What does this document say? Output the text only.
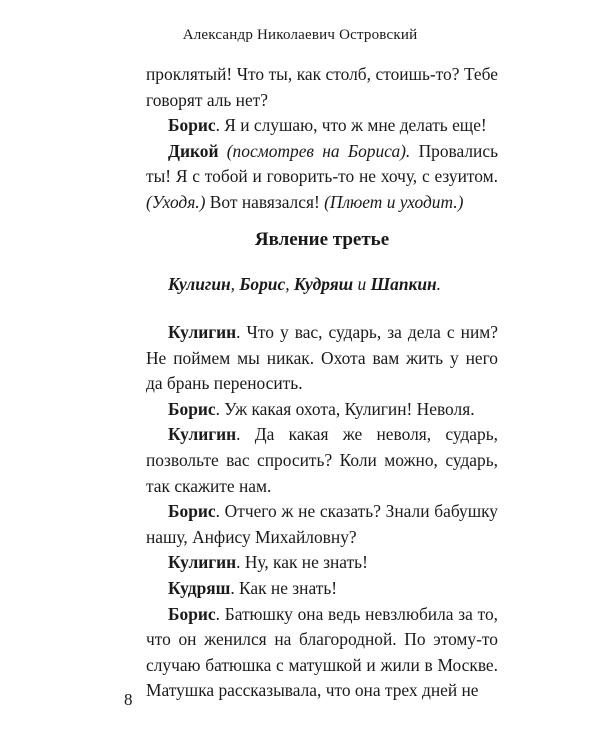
Александр Николаевич Островский

проклятый! Что ты, как столб, стоишь-то? Тебе говорят аль нет?

Борис. Я и слушаю, что ж мне делать еще!

Дикой (посмотрев на Бориса). Провались ты! Я с тобой и говорить-то не хочу, с езуитом. (Уходя.) Вот навязался! (Плюет и уходит.)

Явление третье
Кулигин, Борис, Кудряш и Шапкин.

Кулигин. Что у вас, сударь, за дела с ним? Не поймем мы никак. Охота вам жить у него да брань переносить.

Борис. Уж какая охота, Кулигин! Неволя.

Кулигин. Да какая же неволя, сударь, позвольте вас спросить? Коли можно, сударь, так скажите нам.

Борис. Отчего ж не сказать? Знали бабушку нашу, Анфису Михайловну?

Кулигин. Ну, как не знать!

Кудряш. Как не знать!

Борис. Батюшку она ведь невзлюбила за то, что он женился на благородной. По этому-то случаю батюшка с матушкой и жили в Москве. Матушка рассказывала, что она трех дней не

8
